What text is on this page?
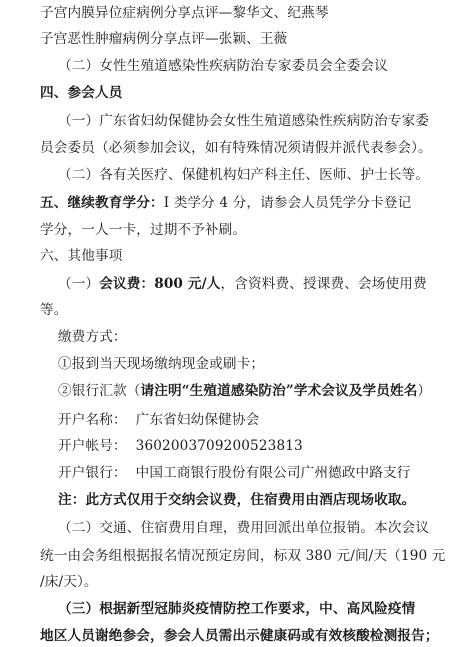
子宫内膜异位症病例分享点评—黎华文、纪燕琴
子宫恶性肿瘤病例分享点评—张颖、王薇
（二）女性生殖道感染性疾病防治专家委员会全委会议
四、参会人员
（一）广东省妇幼保健协会女性生殖道感染性疾病防治专家委
员会委员（必须参加会议，如有特殊情况须请假并派代表参会）。
（二）各有关医疗、保健机构妇产科主任、医师、护士长等。
五、继续教育学分：I 类学分 4 分，请参会人员凭学分卡登记
学分，一人一卡，过期不予补刷。
六、其他事项
（一）会议费：800 元/人，含资料费、授课费、会场使用费
等。
缴费方式：
①报到当天现场缴纳现金或刷卡；
②银行汇款（请注明“生殖道感染防治”学术会议及学员姓名）
开户名称：  广东省妇幼保健协会
开户帐号：  3602003709200523813
开户银行：  中国工商银行股份有限公司广州德政中路支行
注：此方式仅用于交纳会议费，住宿费用由酒店现场收取。
（二）交通、住宿费用自理，费用回派出单位报销。本次会议
统一由会务组根据报名情况预定房间，标双 380 元/间/天（190 元
/床/天）。
（三）根据新型冠肺炎疫情防控工作要求，中、高风险疫情
地区人员谢绝参会，参会人员需出示健康码或有效核酸检测报告；
